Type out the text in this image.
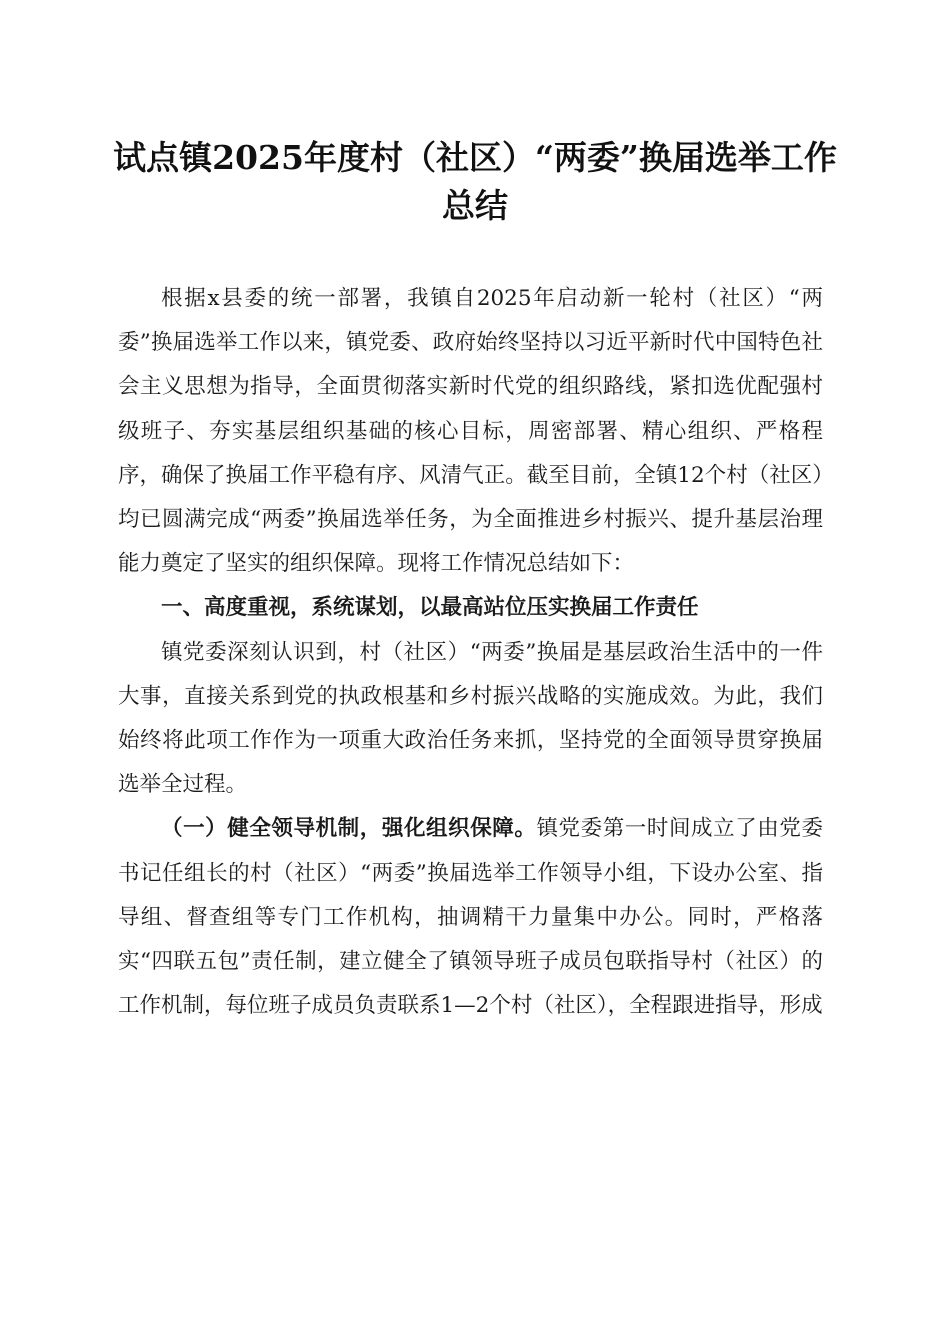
试点镇2025年度村（社区）“两委”换届选举工作总结

根据x县委的统一部署，我镇自2025年启动新一轮村（社区）“两委”换届选举工作以来，镇党委、政府始终坚持以习近平新时代中国特色社会主义思想为指导，全面贯彻落实新时代党的组织路线，紧扣选优配强村级班子、夯实基层组织基础的核心目标，周密部署、精心组织、严格程序，确保了换届工作平稳有序、风清气正。截至目前，全镇12个村（社区）均已圆满完成“两委”换届选举任务，为全面推进乡村振兴、提升基层治理能力奠定了坚实的组织保障。现将工作情况总结如下：

一、高度重视，系统谋划，以最高站位压实换届工作责任

镇党委深刻认识到，村（社区）“两委”换届是基层政治生活中的一件大事，直接关系到党的执政根基和乡村振兴战略的实施成效。为此，我们始终将此项工作作为一项重大政治任务来抓，坚持党的全面领导贯穿换届选举全过程。

（一）健全领导机制，强化组织保障。镇党委第一时间成立了由党委书记任组长的村（社区）“两委”换届选举工作领导小组，下设办公室、指导组、督查组等专门工作机构，抽调精干力量集中办公。同时，严格落实“四联五包”责任制，建立健全了镇领导班子成员包联指导村（社区）的工作机制，每位班子成员负责联系1—2个村（社区），全程跟进指导，形成
